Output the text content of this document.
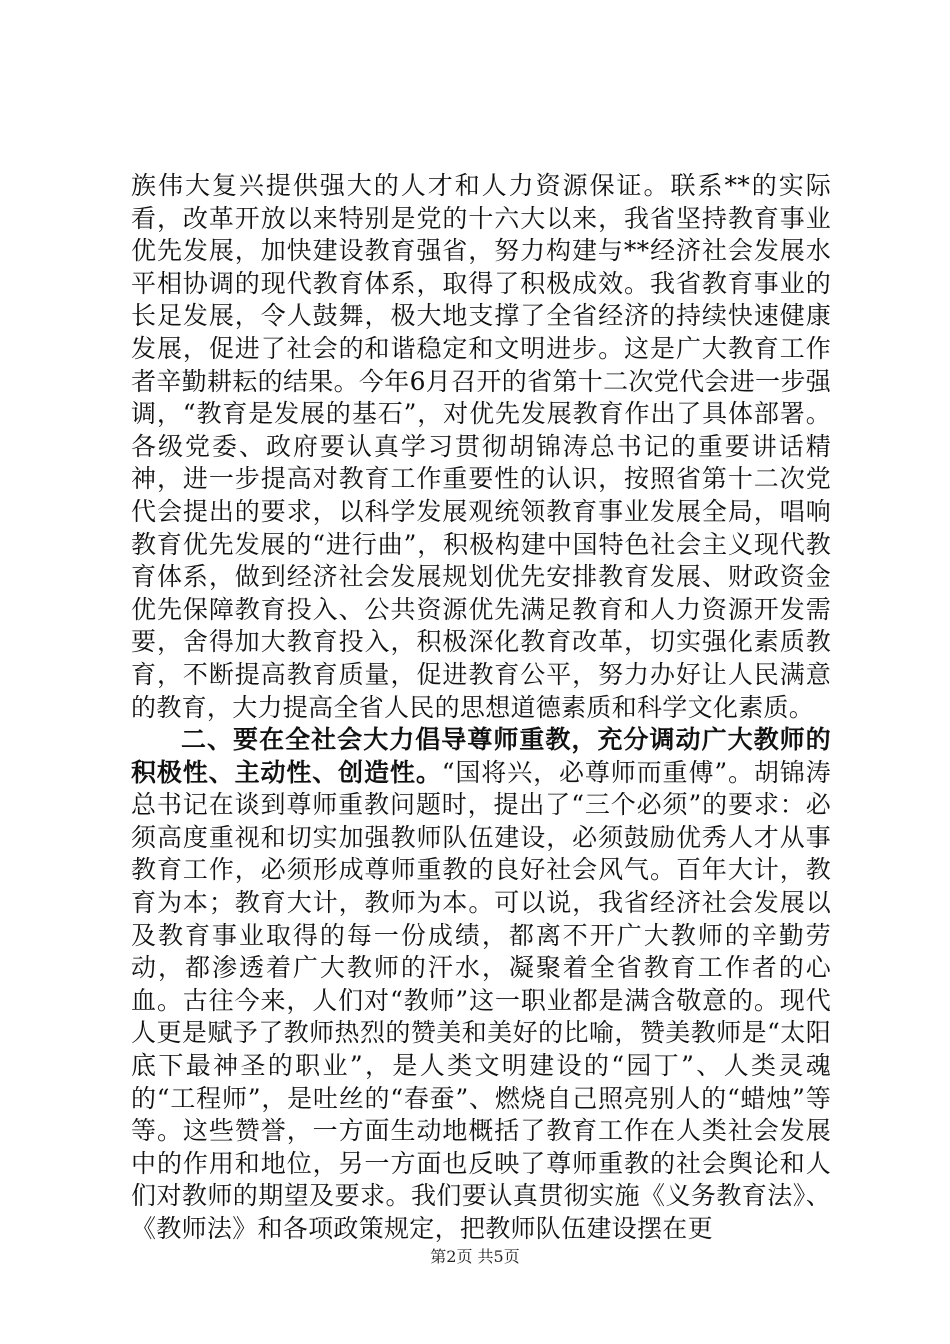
族伟大复兴提供强大的人才和人力资源保证。联系**的实际看，改革开放以来特别是党的十六大以来，我省坚持教育事业优先发展，加快建设教育强省，努力构建与**经济社会发展水平相协调的现代教育体系，取得了积极成效。我省教育事业的长足发展，令人鼓舞，极大地支撑了全省经济的持续快速健康发展，促进了社会的和谐稳定和文明进步。这是广大教育工作者辛勤耕耘的结果。今年6月召开的省第十二次党代会进一步强调，“教育是发展的基石”，对优先发展教育作出了具体部署。各级党委、政府要认真学习贯彻胡锦涛总书记的重要讲话精神，进一步提高对教育工作重要性的认识，按照省第十二次党代会提出的要求，以科学发展观统领教育事业发展全局，唱响教育优先发展的“进行曲”，积极构建中国特色社会主义现代教育体系，做到经济社会发展规划优先安排教育发展、财政资金优先保障教育投入、公共资源优先满足教育和人力资源开发需要，舍得加大教育投入，积极深化教育改革，切实强化素质教育，不断提高教育质量，促进教育公平，努力办好让人民满意的教育，大力提高全省人民的思想道德素质和科学文化素质。

二、要在全社会大力倡导尊师重教，充分调动广大教师的积极性、主动性、创造性。“国将兴，必尊师而重傅”。胡锦涛总书记在谈到尊师重教问题时，提出了“三个必须”的要求：必须高度重视和切实加强教师队伍建设，必须鼓励优秀人才从事教育工作，必须形成尊师重教的良好社会风气。百年大计，教育为本；教育大计，教师为本。可以说，我省经济社会发展以及教育事业取得的每一份成绩，都离不开广大教师的辛勤劳动，都渗透着广大教师的汗水，凝聚着全省教育工作者的心血。古往今来，人们对“教师”这一职业都是满含敬意的。现代人更是赋予了教师热烈的赞美和美好的比喻，赞美教师是“太阳底下最神圣的职业”，是人类文明建设的“园丁”、人类灵魂的“工程师”，是吐丝的“春蚕”、燃烧自己照亮别人的“蜡烛”等等。这些赞誉，一方面生动地概括了教育工作在人类社会发展中的作用和地位，另一方面也反映了尊师重教的社会舆论和人们对教师的期望及要求。我们要认真贯彻实施《义务教育法》、《教师法》和各项政策规定，把教师队伍建设摆在更

第2页 共5页
